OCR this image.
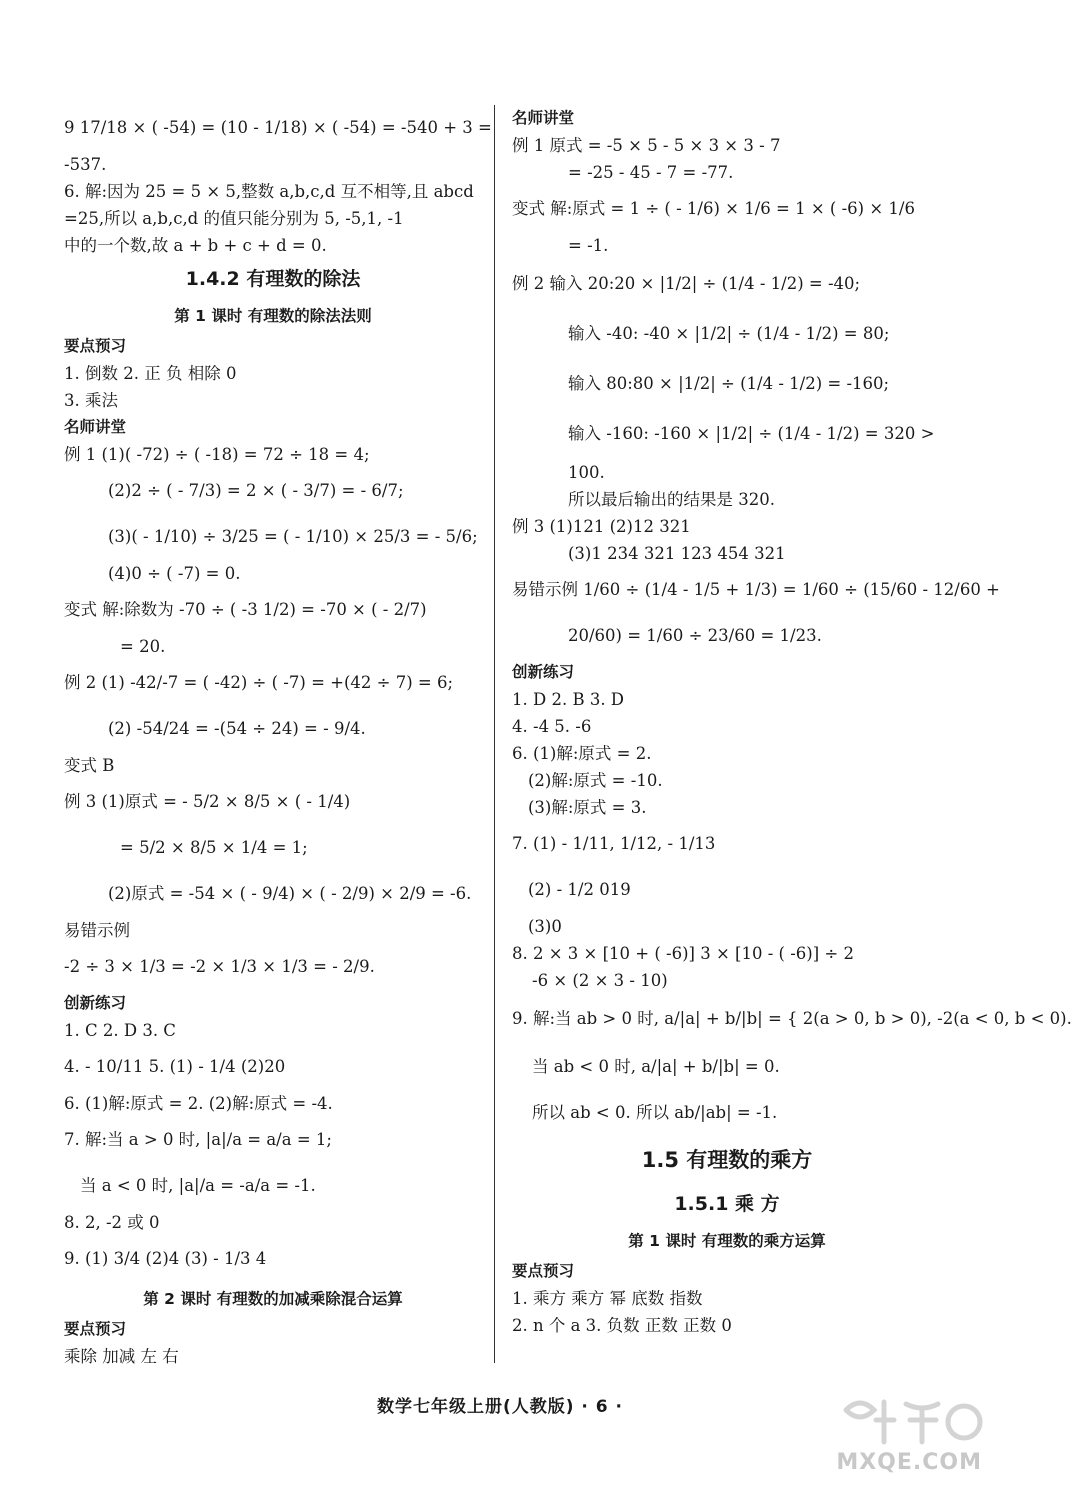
9 17/18 × ( -54) = (10 - 1/18) × ( -54) = -540 + 3 =
-537.
6. 解:因为 25 = 5 × 5,整数 a,b,c,d 互不相等,且 abcd
=25,所以 a,b,c,d 的值只能分别为 5, -5,1, -1
中的一个数,故 a + b + c + d = 0.
1.4.2 有理数的除法
第 1 课时 有理数的除法法则
要点预习
1. 倒数 2. 正 负 相除 0
3. 乘法
名师讲堂
例 1 (1)( -72) ÷ ( -18) = 72 ÷ 18 = 4;
(2)2 ÷ ( - 7/3) = 2 × ( - 3/7) = - 6/7;
(3)( - 1/10) ÷ 3/25 = ( - 1/10) × 25/3 = - 5/6;
(4)0 ÷ ( -7) = 0.
变式 解:除数为 -70 ÷ ( -3 1/2) = -70 × ( - 2/7)
= 20.
例 2 (1) -42/-7 = ( -42) ÷ ( -7) = +(42 ÷ 7) = 6;
(2) -54/24 = -(54 ÷ 24) = - 9/4.
变式 B
例 3 (1)原式 = - 5/2 × 8/5 × ( - 1/4)
= 5/2 × 8/5 × 1/4 = 1;
(2)原式 = -54 × ( - 9/4) × ( - 2/9) × 2/9 = -6.
易错示例
-2 ÷ 3 × 1/3 = -2 × 1/3 × 1/3 = - 2/9.
创新练习
1. C 2. D 3. C
4. - 10/11 5. (1) - 1/4 (2)20
6. (1)解:原式 = 2. (2)解:原式 = -4.
7. 解:当 a > 0 时, |a|/a = a/a = 1;
当 a < 0 时, |a|/a = -a/a = -1.
8. 2, -2 或 0
9. (1) 3/4 (2)4 (3) - 1/3 4
第 2 课时 有理数的加减乘除混合运算
要点预习
乘除 加减 左 右
名师讲堂
例 1 原式 = -5 × 5 - 5 × 3 × 3 - 7
= -25 - 45 - 7 = -77.
变式 解:原式 = 1 ÷ ( - 1/6) × 1/6 = 1 × ( -6) × 1/6
= -1.
例 2 输入 20:20 × |1/2| ÷ (1/4 - 1/2) = -40;
输入 -40: -40 × |1/2| ÷ (1/4 - 1/2) = 80;
输入 80:80 × |1/2| ÷ (1/4 - 1/2) = -160;
输入 -160: -160 × |1/2| ÷ (1/4 - 1/2) = 320 >
100.
所以最后输出的结果是 320.
例 3 (1)121 (2)12 321
(3)1 234 321 123 454 321
易错示例 1/60 ÷ (1/4 - 1/5 + 1/3) = 1/60 ÷ (15/60 - 12/60 +
20/60) = 1/60 ÷ 23/60 = 1/23.
创新练习
1. D 2. B 3. D
4. -4 5. -6
6. (1)解:原式 = 2.
(2)解:原式 = -10.
(3)解:原式 = 3.
7. (1) - 1/11, 1/12, - 1/13
(2) - 1/2 019
(3)0
8. 2 × 3 × [10 + ( -6)] 3 × [10 - ( -6)] ÷ 2
-6 × (2 × 3 - 10)
9. 解:当 ab > 0 时, a/|a| + b/|b| = { 2(a > 0, b > 0), -2(a < 0, b < 0).
当 ab < 0 时, a/|a| + b/|b| = 0.
所以 ab < 0. 所以 ab/|ab| = -1.
1.5 有理数的乘方
1.5.1 乘 方
第 1 课时 有理数的乘方运算
要点预习
1. 乘方 乘方 幂 底数 指数
2. n 个 a 3. 负数 正数 正数 0
数学七年级上册(人教版) · 6 ·
MXQE.COM
